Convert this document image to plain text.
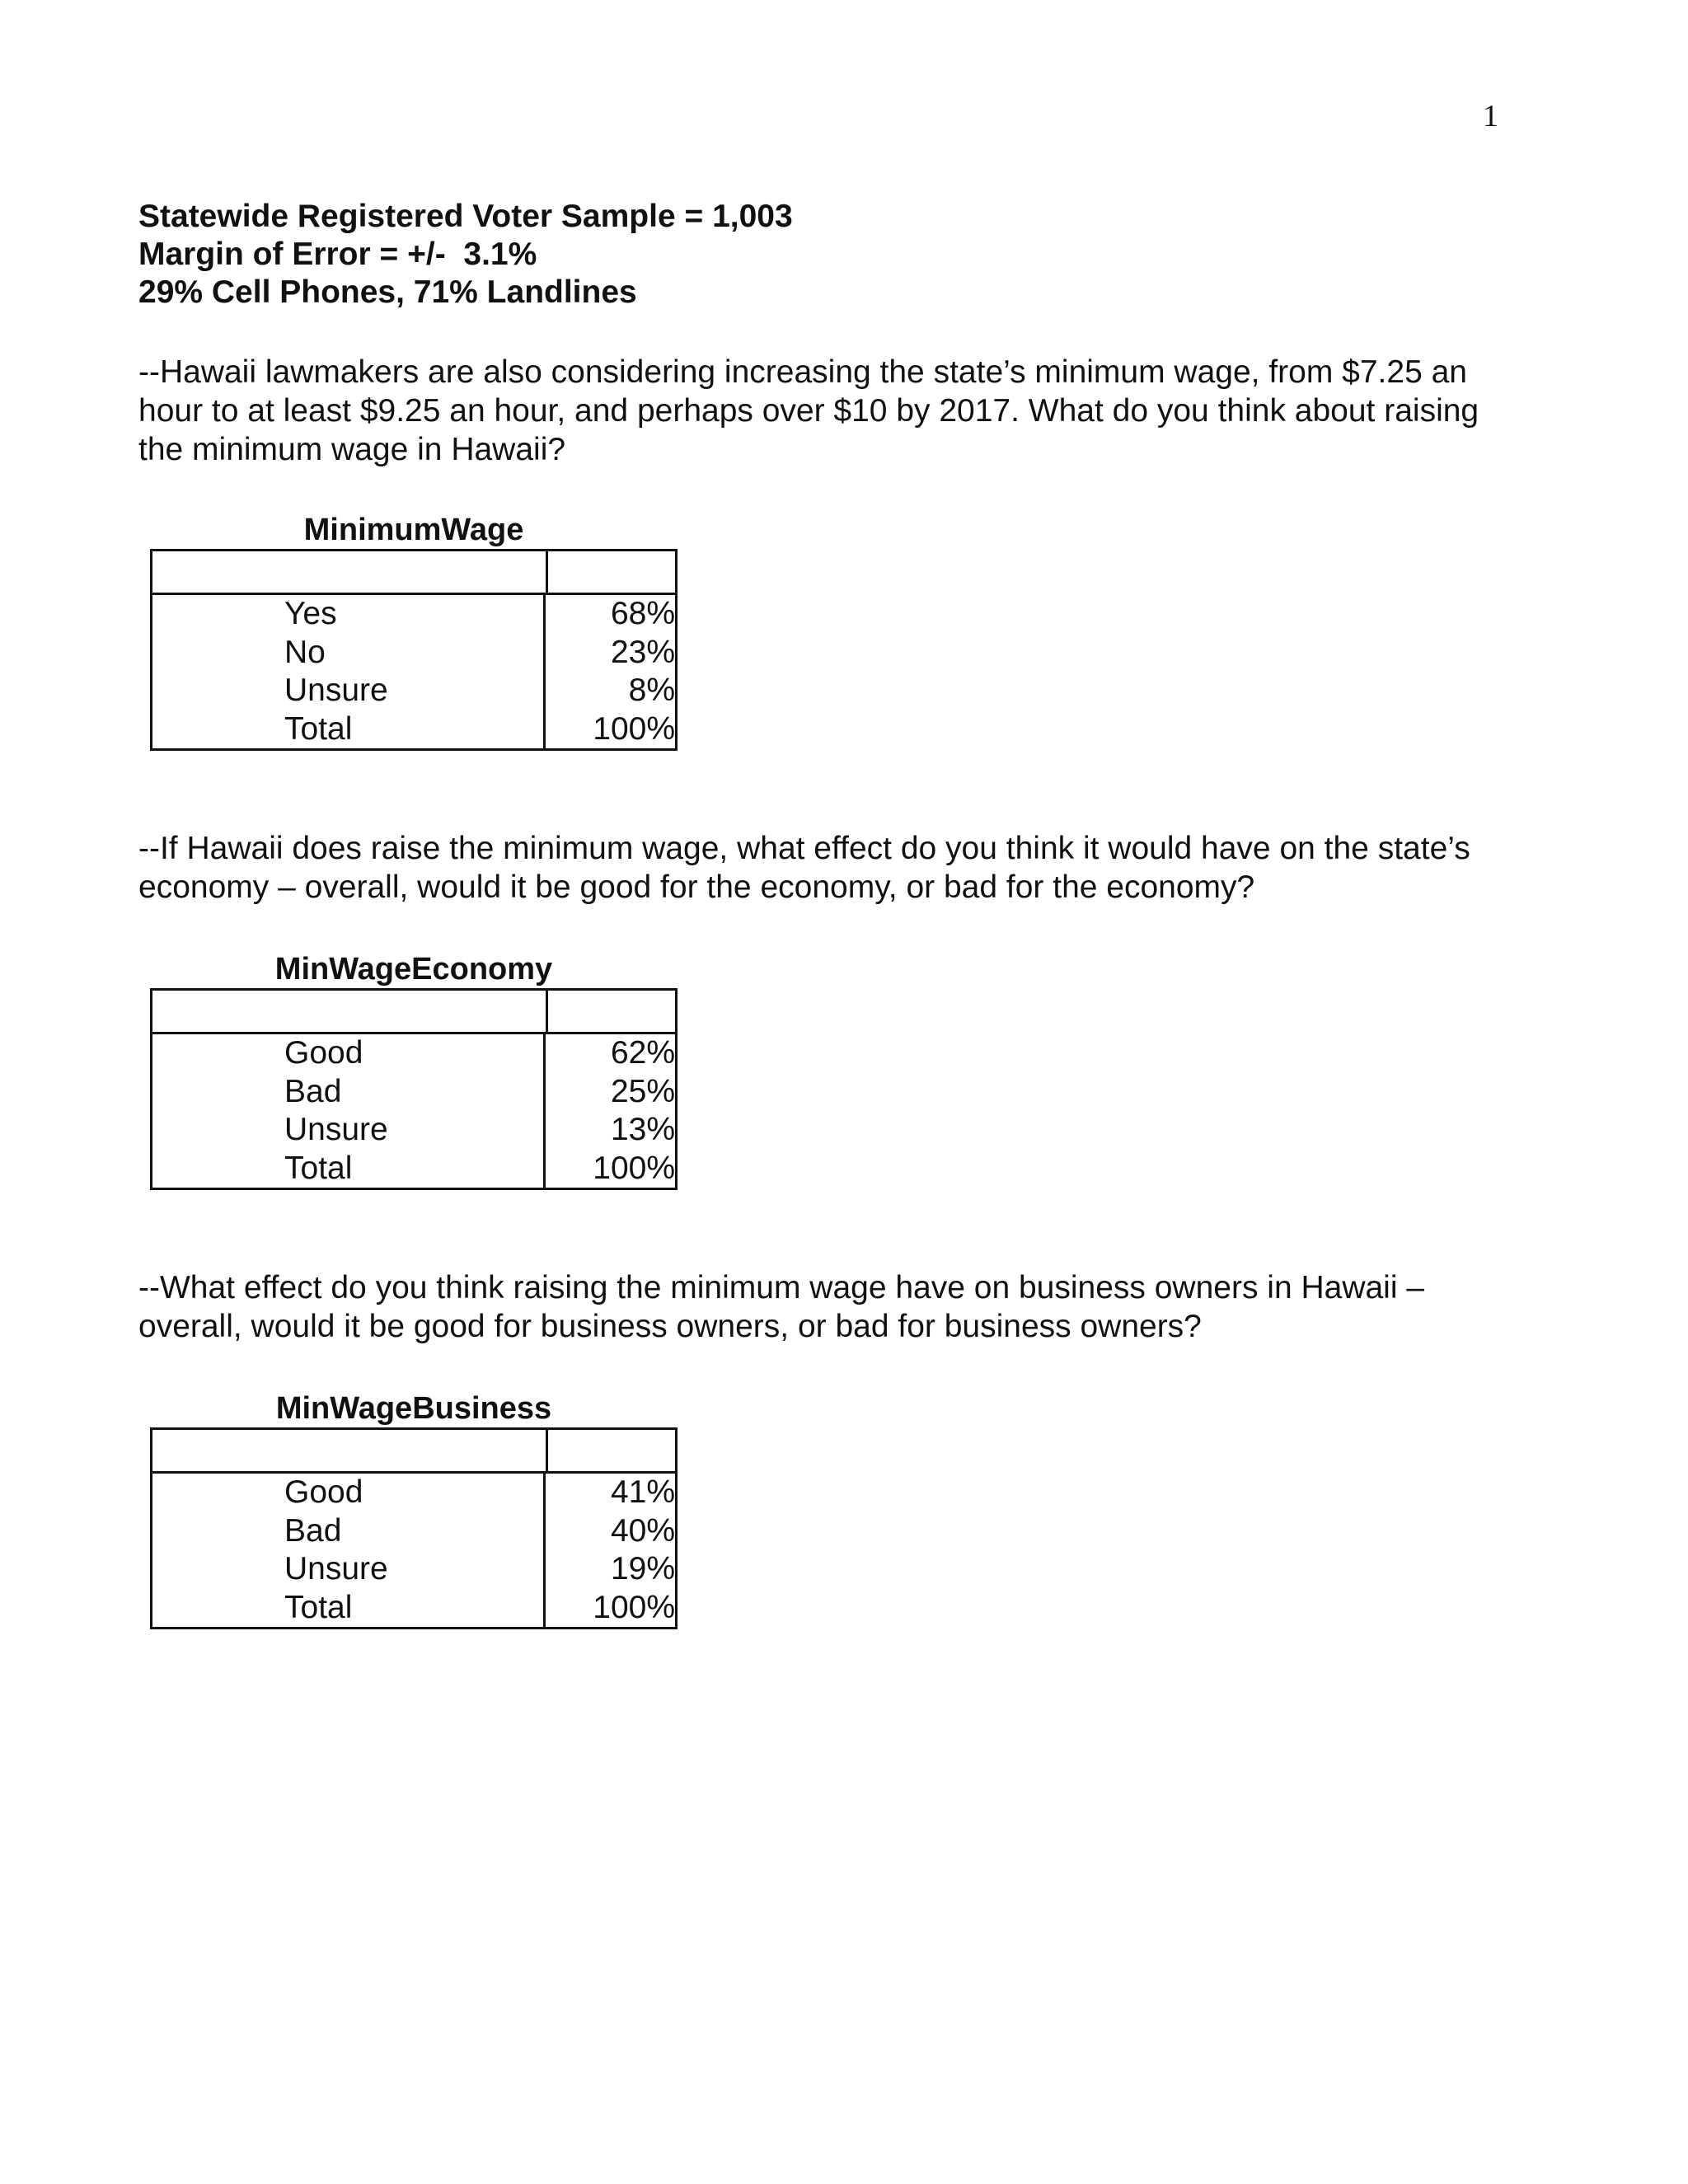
1
Statewide Registered Voter Sample = 1,003
Margin of Error = +/-  3.1%
29% Cell Phones, 71% Landlines
--Hawaii lawmakers are also considering increasing the state’s minimum wage, from $7.25 an
hour to at least $9.25 an hour, and perhaps over $10 by 2017. What do you think about raising
the minimum wage in Hawaii?
MinimumWage
Yes
No
Unsure
Total
68%
23%
8%
100%
--If Hawaii does raise the minimum wage, what effect do you think it would have on the state’s
economy – overall, would it be good for the economy, or bad for the economy?
MinWageEconomy
Good
Bad
Unsure
Total
62%
25%
13%
100%
--What effect do you think raising the minimum wage have on business owners in Hawaii –
overall, would it be good for business owners, or bad for business owners?
MinWageBusiness
Good
Bad
Unsure
Total
41%
40%
19%
100%
